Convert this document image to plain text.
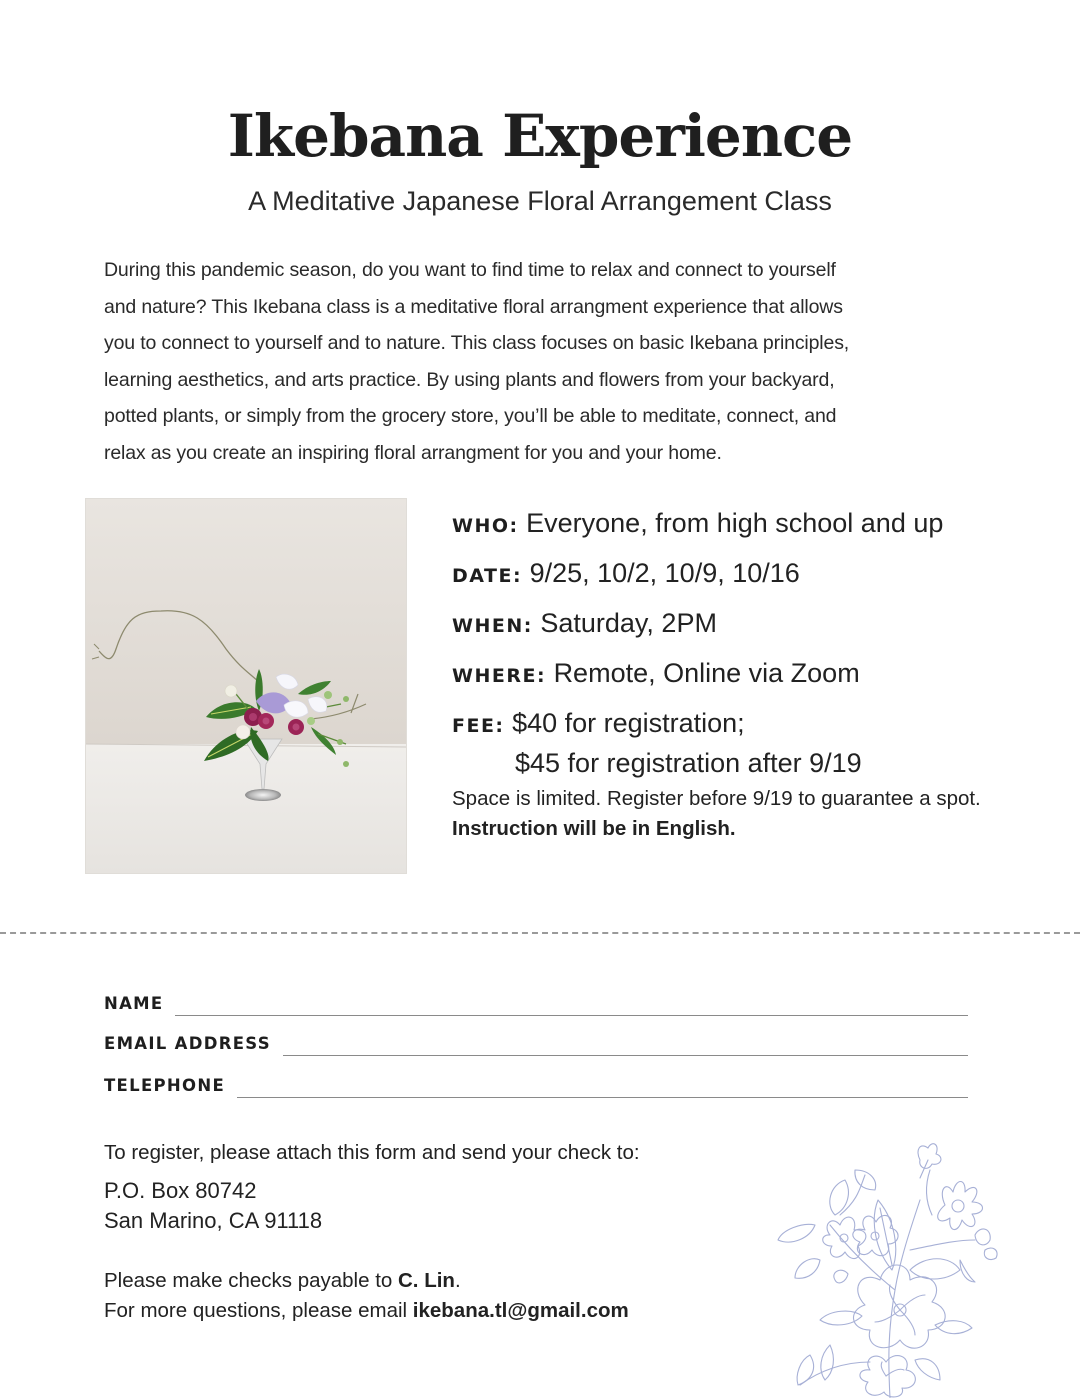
Ikebana Experience

A Meditative Japanese Floral Arrangement Class

During this pandemic season, do you want to find time to relax and connect to yourself
and nature? This Ikebana class is a meditative floral arrangment experience that allows
you to connect to yourself and to nature. This class focuses on basic Ikebana principles,
learning aesthetics, and arts practice. By using plants and flowers from your backyard,
potted plants, or simply from the grocery store, you’ll be able to meditate, connect, and
relax as you create an inspiring floral arrangment for you and your home.
WHO: Everyone, from high school and up
DATE: 9/25, 10/2, 10/9, 10/16
WHEN: Saturday, 2PM
WHERE: Remote, Online via Zoom
FEE: $40 for registration;
$45 for registration after 9/19
Space is limited. Register before 9/19 to guarantee a spot. Instruction will be in English.
NAME
EMAIL ADDRESS
TELEPHONE

To register, please attach this form and send your check to:

P.O. Box 80742
San Marino, CA 91118
Please make checks payable to C. Lin.
For more questions, please email ikebana.tl@gmail.com
